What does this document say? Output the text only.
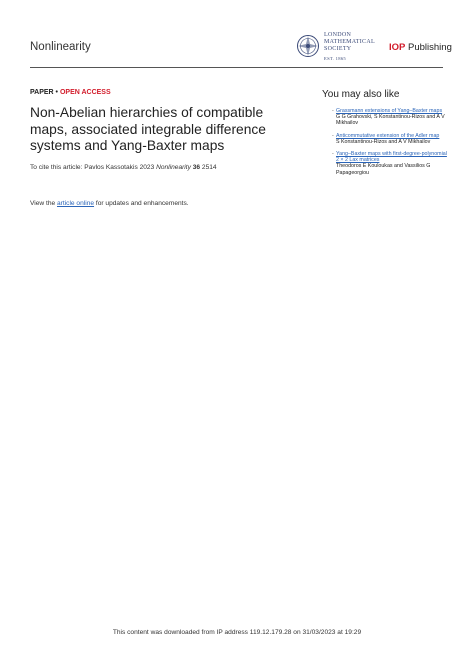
Nonlinearity
LONDON
MATHEMATICAL
SOCIETY
EST. 1865
IOP Publishing
PAPER • OPEN ACCESS
Non-Abelian hierarchies of compatible maps, associated integrable difference systems and Yang-Baxter maps
To cite this article: Pavlos Kassotakis 2023 Nonlinearity 36 2514
View the article online for updates and enhancements.
You may also like
- Grassmann extensions of Yang–Baxter maps
G G Grahovski, S Konstantinou-Rizos and A V Mikhailov
- Anticommutative extension of the Adler map
S Konstantinou-Rizos and A V Mikhailov
- Yang–Baxter maps with first-degree-polynomial 2 × 2 Lax matrices
Theodoros E Kouloukas and Vassilios G Papageorgiou
This content was downloaded from IP address 119.12.179.28 on 31/03/2023 at 19:29
